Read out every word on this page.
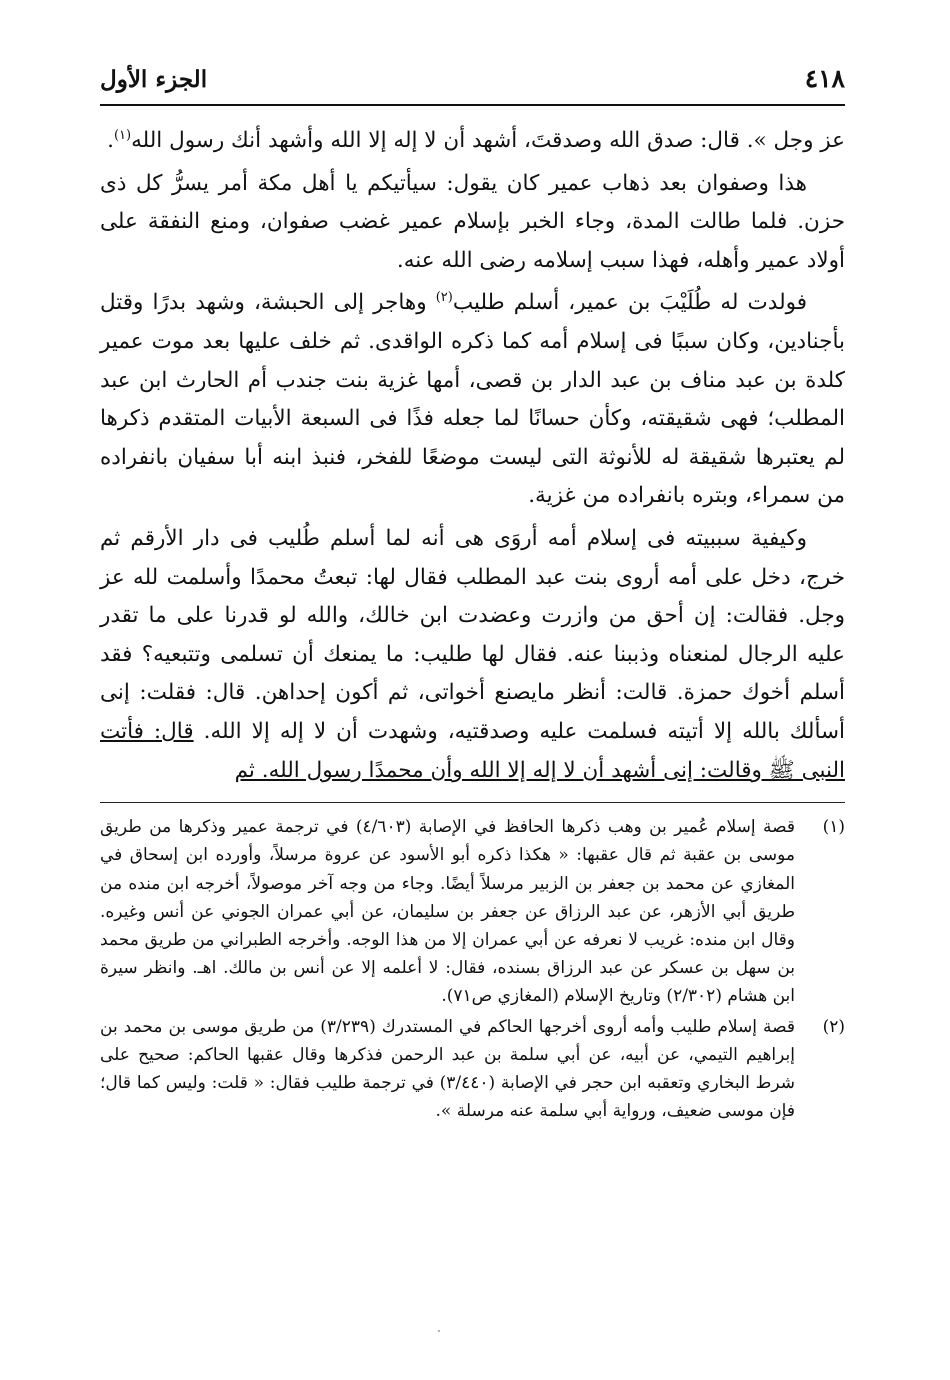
٤١٨
الجزء الأول

عز وجل ». قال: صدق الله وصدقتَ، أشهد أن لا إله إلا الله وأشهد أنك رسول الله$^{(١)}$.

هذا وصفوان بعد ذهاب عمير كان يقول: سيأتيكم يا أهل مكة أمر يسرُّ كل ذى حزن. فلما طالت المدة، وجاء الخبر بإسلام عمير غضب صفوان، ومنع النفقة على أولاد عمير وأهله، فهذا سبب إسلامه رضى الله عنه.

فولدت له طُلَيْبَ بن عمير، أسلم طليب$^{(٢)}$ وهاجر إلى الحبشة، وشهد بدرًا وقتل بأجنادين، وكان سببًا فى إسلام أمه كما ذكره الواقدى. ثم خلف عليها بعد موت عمير كلدة بن عبد مناف بن عبد الدار بن قصى، أمها غزية بنت جندب أم الحارث ابن عبد المطلب؛ فهى شقيقته، وكأن حسانًا لما جعله فذًا فى السبعة الأبيات المتقدم ذكرها لم يعتبرها شقيقة له للأنوثة التى ليست موضعًا للفخر، فنبذ ابنه أبا سفيان بانفراده من سمراء، وبتره بانفراده من غزية.

وكيفية سببيته فى إسلام أمه أروَى هى أنه لما أسلم طُليب فى دار الأرقم ثم خرج، دخل على أمه أروى بنت عبد المطلب فقال لها: تبعتُ محمدًا وأسلمت لله عز وجل. فقالت: إن أحق من وازرت وعضدت ابن خالك، والله لو قدرنا على ما تقدر عليه الرجال لمنعناه وذببنا عنه. فقال لها طليب: ما يمنعك أن تسلمى وتتبعيه؟ فقد أسلم أخوك حمزة. قالت: أنظر مايصنع أخواتى، ثم أكون إحداهن. قال: فقلت: إنى أسألك بالله إلا أتيته فسلمت عليه وصدقتيه، وشهدت أن لا إله إلا الله. قال: فأتت النبى ﷺ وقالت: إنى أشهد أن لا إله إلا الله وأن محمدًا رسول الله. ثم

(١)
قصة إسلام عُمير بن وهب ذكرها الحافظ في الإصابة (٤/٦٠٣) في ترجمة عمير وذكرها من طريق موسى بن عقبة ثم قال عقبها: « هكذا ذكره أبو الأسود عن عروة مرسلاً، وأورده ابن إسحاق في المغازي عن محمد بن جعفر بن الزبير مرسلاً أيضًا. وجاء من وجه آخر موصولاً، أخرجه ابن منده من طريق أبي الأزهر، عن عبد الرزاق عن جعفر بن سليمان، عن أبي عمران الجوني عن أنس وغيره. وقال ابن منده: غريب لا نعرفه عن أبي عمران إلا من هذا الوجه. وأخرجه الطبراني من طريق محمد بن سهل بن عسكر عن عبد الرزاق بسنده، فقال: لا أعلمه إلا عن أنس بن مالك. اهـ. وانظر سيرة ابن هشام (٢/٣٠٢) وتاريخ الإسلام (المغازي ص٧١).
(٢)
قصة إسلام طليب وأمه أروى أخرجها الحاكم في المستدرك (٣/٢٣٩) من طريق موسى بن محمد بن إبراهيم التيمي، عن أبيه، عن أبي سلمة بن عبد الرحمن فذكرها وقال عقبها الحاكم: صحيح على شرط البخاري وتعقبه ابن حجر في الإصابة (٣/٤٤٠) في ترجمة طليب فقال: « قلت: وليس كما قال؛ فإن موسى ضعيف، ورواية أبي سلمة عنه مرسلة ».
